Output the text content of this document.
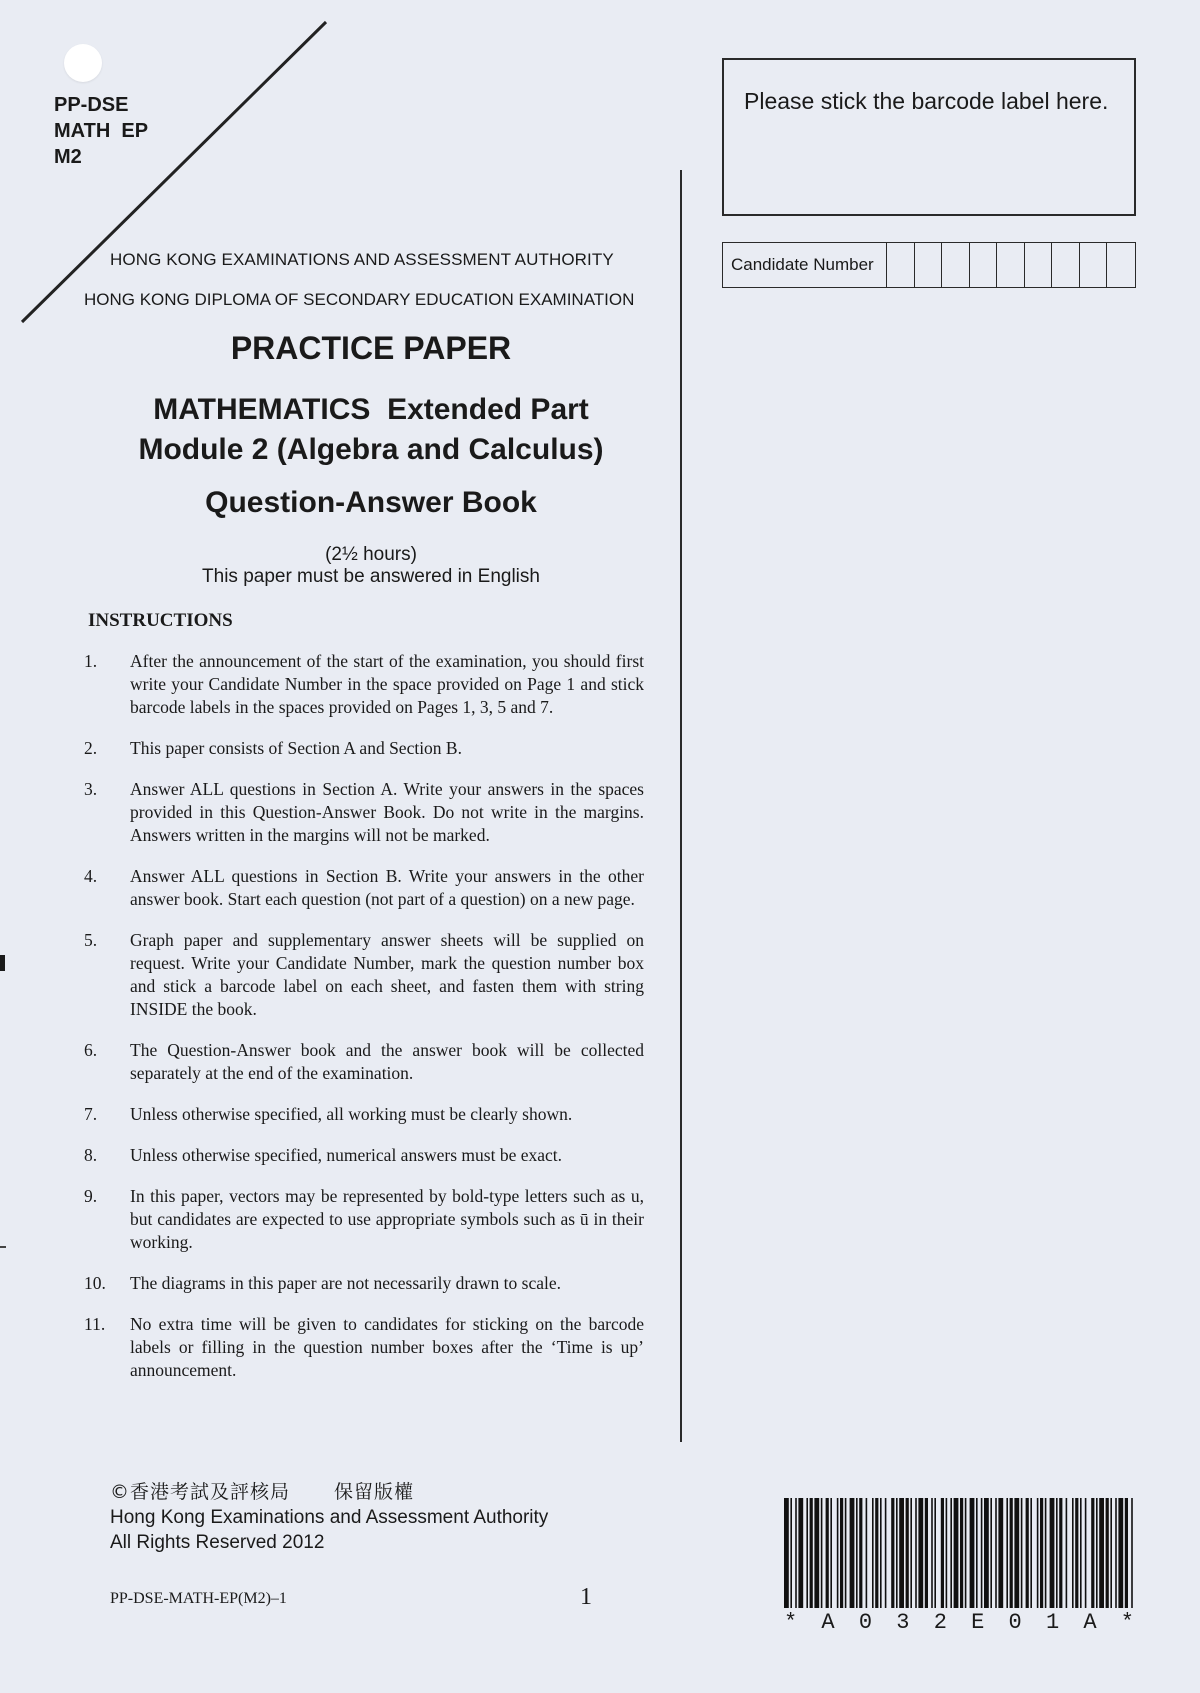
PP-DSE
MATH  EP
M2
HONG KONG EXAMINATIONS AND ASSESSMENT AUTHORITY
HONG KONG DIPLOMA OF SECONDARY EDUCATION EXAMINATION
PRACTICE PAPER
MATHEMATICS  Extended Part
Module 2 (Algebra and Calculus)
Question-Answer Book
(2½ hours)
This paper must be answered in English
INSTRUCTIONS
1.	After the announcement of the start of the examination, you should first write your Candidate Number in the space provided on Page 1 and stick barcode labels in the spaces provided on Pages 1, 3, 5 and 7.
2.	This paper consists of Section A and Section B.
3.	Answer ALL questions in Section A. Write your answers in the spaces provided in this Question-Answer Book. Do not write in the margins. Answers written in the margins will not be marked.
4.	Answer ALL questions in Section B. Write your answers in the other answer book. Start each question (not part of a question) on a new page.
5.	Graph paper and supplementary answer sheets will be supplied on request. Write your Candidate Number, mark the question number box and stick a barcode label on each sheet, and fasten them with string INSIDE the book.
6.	The Question-Answer book and the answer book will be collected separately at the end of the examination.
7.	Unless otherwise specified, all working must be clearly shown.
8.	Unless otherwise specified, numerical answers must be exact.
9.	In this paper, vectors may be represented by bold-type letters such as u, but candidates are expected to use appropriate symbols such as ū in their working.
10. The diagrams in this paper are not necessarily drawn to scale.
11. No extra time will be given to candidates for sticking on the barcode labels or filling in the question number boxes after the ‘Time is up’ announcement.
Please stick the barcode label here.
Candidate Number
©香港考試及評核局 保留版權
Hong Kong Examinations and Assessment Authority
All Rights Reserved 2012
PP-DSE-MATH-EP(M2)–1	1
* A 0 3 2 E 0 1 A *
